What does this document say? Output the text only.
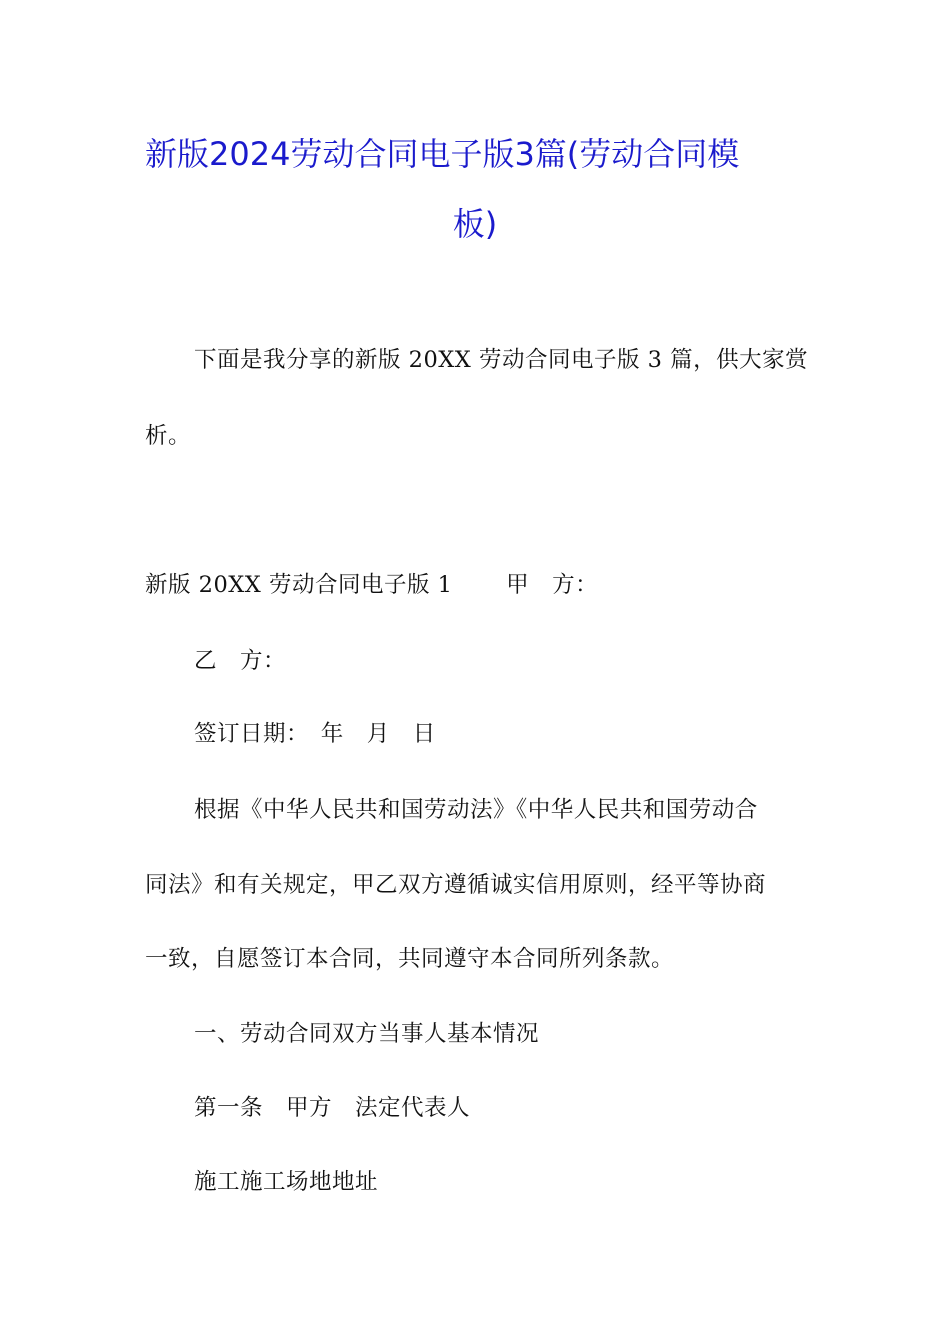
新版2024劳动合同电子版3篇(劳动合同模
板)
下面是我分享的新版 20XX 劳动合同电子版 3 篇，供大家赏
析。
新版 20XX 劳动合同电子版 1　　 甲　方：
乙　方：
签订日期：　年　月　日
根据《中华人民共和国劳动法》《中华人民共和国劳动合
同法》和有关规定，甲乙双方遵循诚实信用原则，经平等协商
一致，自愿签订本合同，共同遵守本合同所列条款。
一、劳动合同双方当事人基本情况
第一条　甲方　法定代表人
施工施工场地地址
